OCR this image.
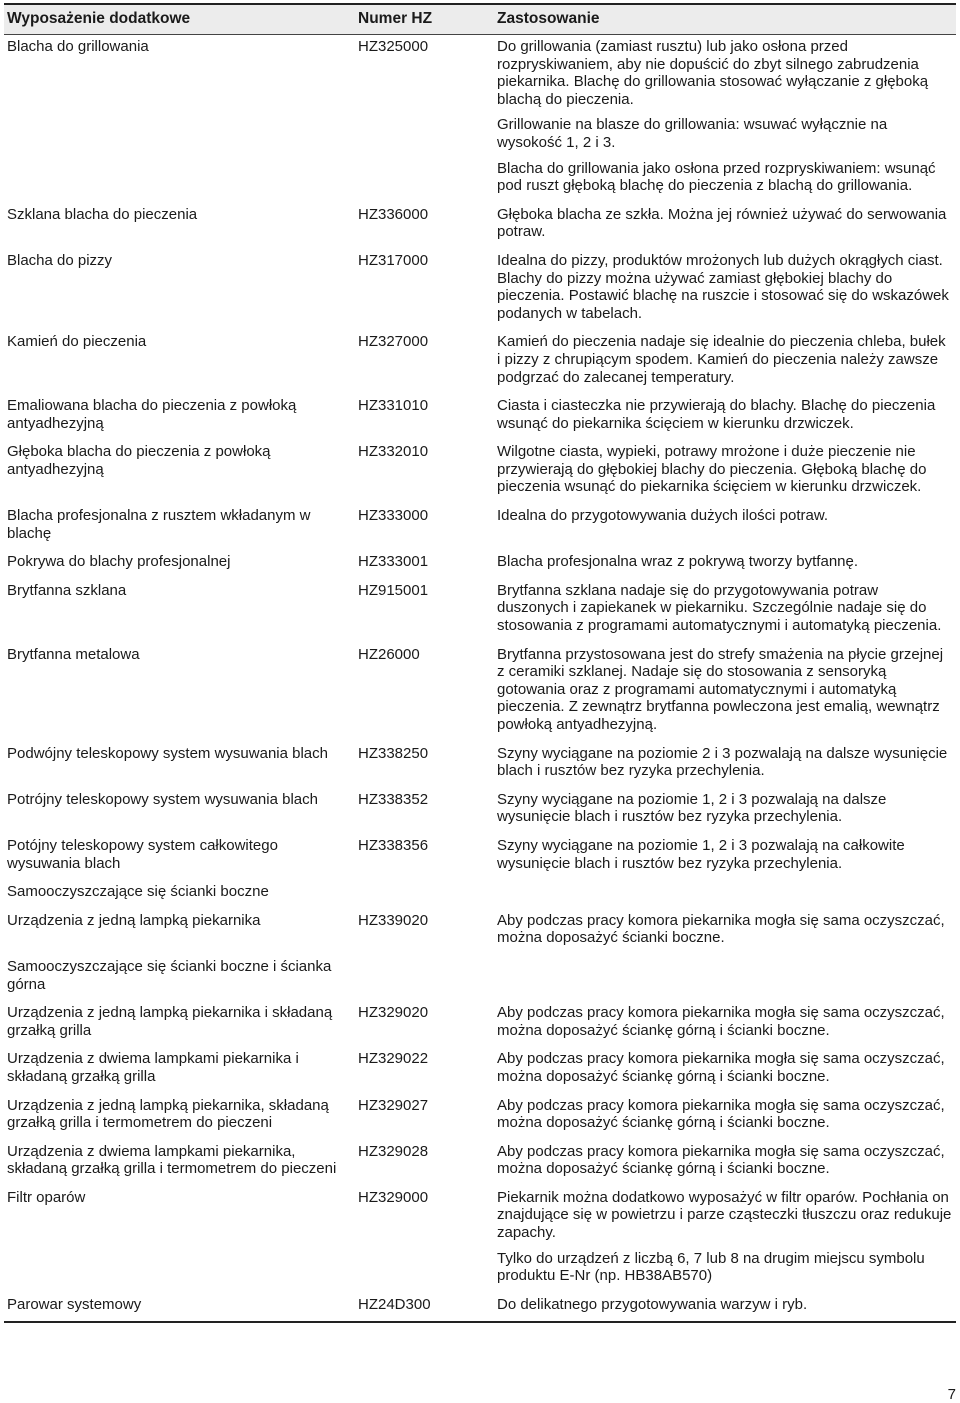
Wyposażenie dodatkowe	Numer HZ	Zastosowanie
Blacha do grillowania	HZ325000	Do grillowania (zamiast rusztu) lub jako osłona przed rozpryskiwaniem, aby nie dopuścić do zbyt silnego zabrudzenia piekarnika. Blachę do grillowania stosować wyłączanie z głęboką blachą do pieczenia.

Grillowanie na blasze do grillowania: wsuwać wyłącznie na wysokość 1, 2 i 3.

Blacha do grillowania jako osłona przed rozpryskiwaniem: wsunąć pod ruszt głęboką blachę do pieczenia z blachą do grillowania.

Szklana blacha do pieczenia	HZ336000	Głęboka blacha ze szkła. Można jej również używać do serwowania potraw.

Blacha do pizzy	HZ317000	Idealna do pizzy, produktów mrożonych lub dużych okrągłych ciast. Blachy do pizzy można używać zamiast głębokiej blachy do pieczenia. Postawić blachę na ruszcie i stosować się do wskazówek podanych w tabelach.

Kamień do pieczenia	HZ327000	Kamień do pieczenia nadaje się idealnie do pieczenia chleba, bułek i pizzy z chrupiącym spodem. Kamień do pieczenia należy zawsze podgrzać do zalecanej temperatury.

Emaliowana blacha do pieczenia z powłoką antyadhezyjną	HZ331010	Ciasta i ciasteczka nie przywierają do blachy. Blachę do pieczenia wsunąć do piekarnika ścięciem w kierunku drzwiczek.

Głęboka blacha do pieczenia z powłoką antyadhezyjną	HZ332010	Wilgotne ciasta, wypieki, potrawy mrożone i duże pieczenie nie przywierają do głębokiej blachy do pieczenia. Głęboką blachę do pieczenia wsunąć do piekarnika ścięciem w kierunku drzwiczek.

Blacha profesjonalna z rusztem wkładanym w blachę	HZ333000	Idealna do przygotowywania dużych ilości potraw.

Pokrywa do blachy profesjonalnej	HZ333001	Blacha profesjonalna wraz z pokrywą tworzy bytfannę.

Brytfanna szklana	HZ915001	Brytfanna szklana nadaje się do przygotowywania potraw duszonych i zapiekanek w piekarniku. Szczególnie nadaje się do stosowania z programami automatycznymi i automatyką pieczenia.

Brytfanna metalowa	HZ26000	Brytfanna przystosowana jest do strefy smażenia na płycie grzejnej z ceramiki szklanej. Nadaje się do stosowania z sensoryką gotowania oraz z programami automatycznymi i automatyką pieczenia. Z zewnątrz brytfanna powleczona jest emalią, wewnątrz powłoką antyadhezyjną.

Podwójny teleskopowy system wysuwania blach	HZ338250	Szyny wyciągane na poziomie 2 i 3 pozwalają na dalsze wysunięcie blach i rusztów bez ryzyka przechylenia.

Potrójny teleskopowy system wysuwania blach	HZ338352	Szyny wyciągane na poziomie 1, 2 i 3 pozwalają na dalsze wysunięcie blach i rusztów bez ryzyka przechylenia.

Potójny teleskopowy system całkowitego wysuwania blach	HZ338356	Szyny wyciągane na poziomie 1, 2 i 3 pozwalają na całkowite wysunięcie blach i rusztów bez ryzyka przechylenia.

Samooczyszczające się ścianki boczne		
Urządzenia z jedną lampką piekarnika	HZ339020	Aby podczas pracy komora piekarnika mogła się sama oczyszczać, można doposażyć ścianki boczne.

Samooczyszczające się ścianki boczne i ścianka górna		
Urządzenia z jedną lampką piekarnika i składaną grzałką grilla	HZ329020	Aby podczas pracy komora piekarnika mogła się sama oczyszczać, można doposażyć ściankę górną i ścianki boczne.

Urządzenia z dwiema lampkami piekarnika i składaną grzałką grilla	HZ329022	Aby podczas pracy komora piekarnika mogła się sama oczyszczać, można doposażyć ściankę górną i ścianki boczne.

Urządzenia z jedną lampką piekarnika, składaną grzałką grilla i termometrem do pieczeni	HZ329027	Aby podczas pracy komora piekarnika mogła się sama oczyszczać, można doposażyć ściankę górną i ścianki boczne.

Urządzenia z dwiema lampkami piekarnika, składaną grzałką grilla i termometrem do pieczeni	HZ329028	Aby podczas pracy komora piekarnika mogła się sama oczyszczać, można doposażyć ściankę górną i ścianki boczne.

Filtr oparów	HZ329000	Piekarnik można dodatkowo wyposażyć w filtr oparów. Pochłania on znajdujące się w powietrzu i parze cząsteczki tłuszczu oraz redukuje zapachy.

Tylko do urządzeń z liczbą 6, 7 lub 8 na drugim miejscu symbolu produktu E-Nr (np. HB38AB570)

Parowar systemowy	HZ24D300	Do delikatnego przygotowywania warzyw i ryb.

7
